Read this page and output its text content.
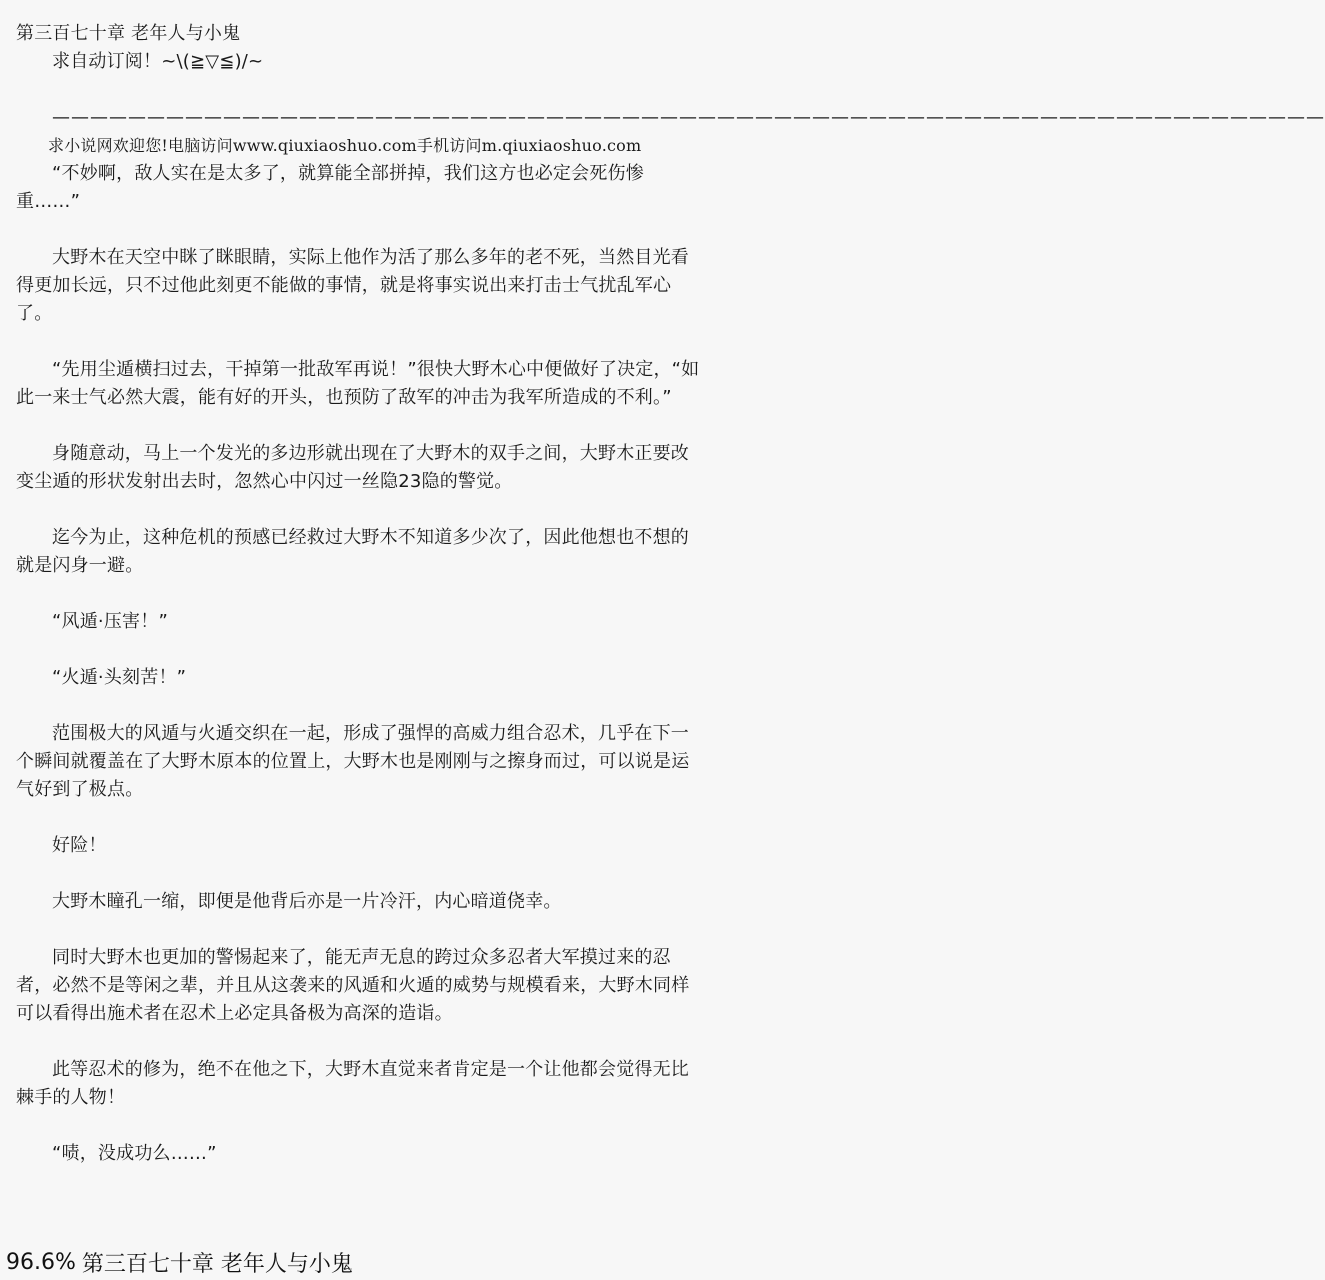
第三百七十章 老年人与小鬼

求自动订阅！~\(≧▽≦)/~

———————————————————————————————————————————————————————————————————

求小说网欢迎您!电脑访问www.qiuxiaoshuo.com手机访问m.qiuxiaoshuo.com

“不妙啊，敌人实在是太多了，就算能全部拼掉，我们这方也必定会死伤惨重……”

大野木在天空中眯了眯眼睛，实际上他作为活了那么多年的老不死，当然目光看得更加长远，只不过他此刻更不能做的事情，就是将事实说出来打击士气扰乱军心了。

“先用尘遁横扫过去，干掉第一批敌军再说！”很快大野木心中便做好了决定，“如此一来士气必然大震，能有好的开头，也预防了敌军的冲击为我军所造成的不利。”

身随意动，马上一个发光的多边形就出现在了大野木的双手之间，大野木正要改变尘遁的形状发射出去时，忽然心中闪过一丝隐23隐的警觉。

迄今为止，这种危机的预感已经救过大野木不知道多少次了，因此他想也不想的就是闪身一避。

“风遁·压害！”

“火遁·头刻苦！”

范围极大的风遁与火遁交织在一起，形成了强悍的高威力组合忍术，几乎在下一个瞬间就覆盖在了大野木原本的位置上，大野木也是刚刚与之擦身而过，可以说是运气好到了极点。

好险！

大野木瞳孔一缩，即便是他背后亦是一片冷汗，内心暗道侥幸。

同时大野木也更加的警惕起来了，能无声无息的跨过众多忍者大军摸过来的忍者，必然不是等闲之辈，并且从这袭来的风遁和火遁的威势与规模看来，大野木同样可以看得出施术者在忍术上必定具备极为高深的造诣。

此等忍术的修为，绝不在他之下，大野木直觉来者肯定是一个让他都会觉得无比棘手的人物！

“啧，没成功么……”

96.6% 第三百七十章 老年人与小鬼
